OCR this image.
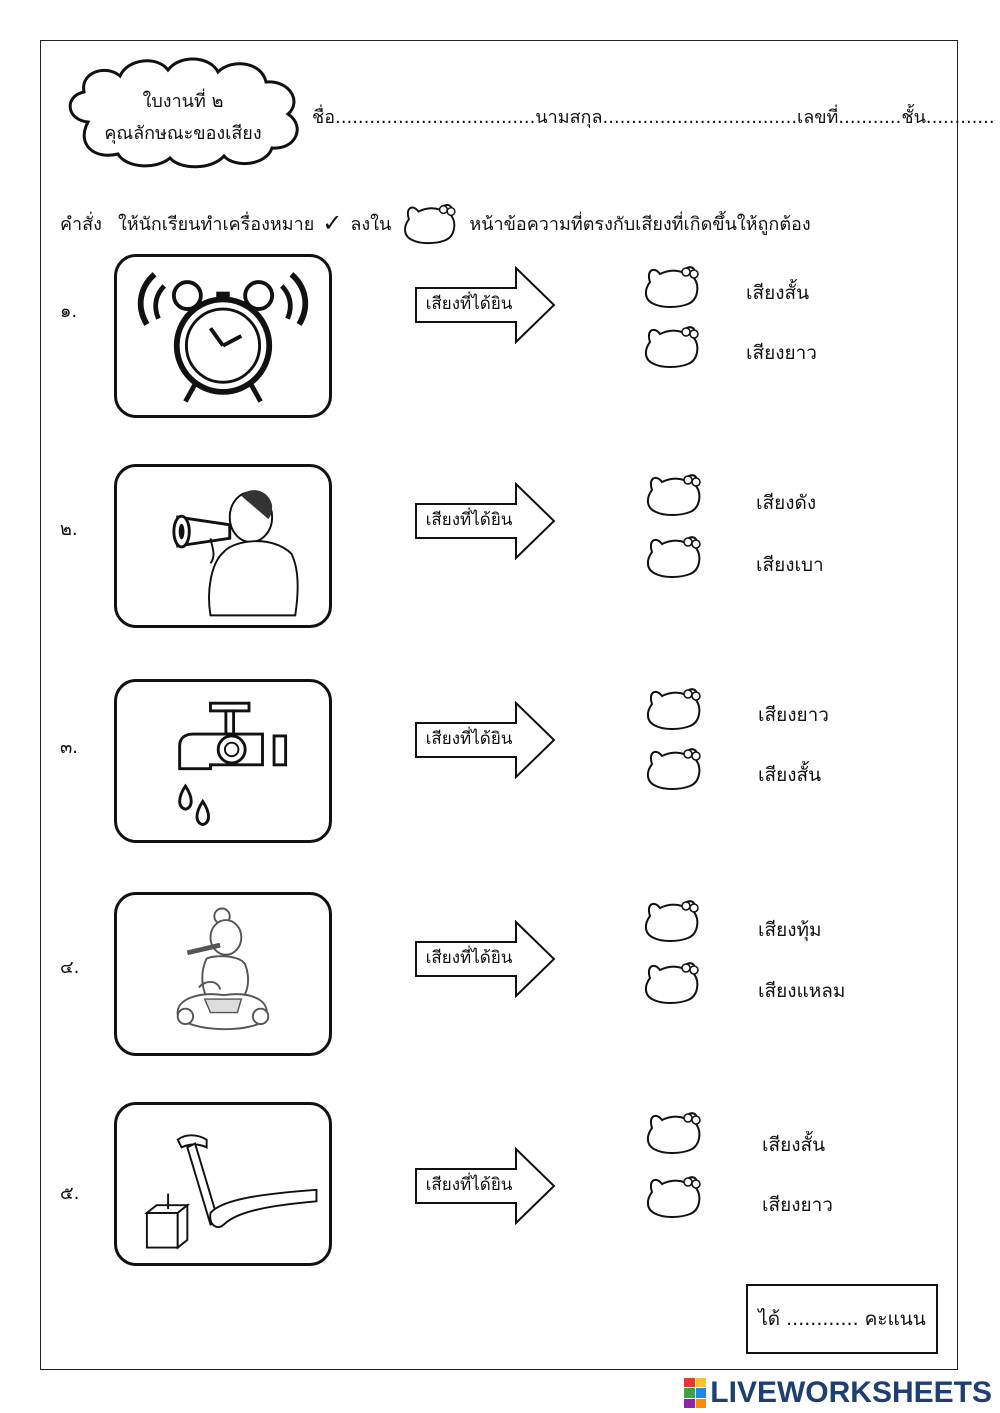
ใบงานที่ ๒
คุณลักษณะของเสียง
ชื่อ...................................นามสกุล..................................เลขที่...........ชั้น............
คำสั่ง ให้นักเรียนทำเครื่องหมาย ✓ ลงใน	หน้าข้อความที่ตรงกับเสียงที่เกิดขึ้นให้ถูกต้อง
๑.	เสียงที่ได้ยิน	เสียงสั้น
เสียงยาว
๒.	เสียงที่ได้ยิน
เสียงดัง
เสียงเบา
๓.	เสียงที่ได้ยิน
เสียงยาว
เสียงสั้น
๔.	เสียงที่ได้ยิน
เสียงทุ้ม
เสียงแหลม
๕.	เสียงที่ได้ยิน
เสียงสั้น
เสียงยาว
ได้ ............ คะแนน
LIVEWORKSHEETS
